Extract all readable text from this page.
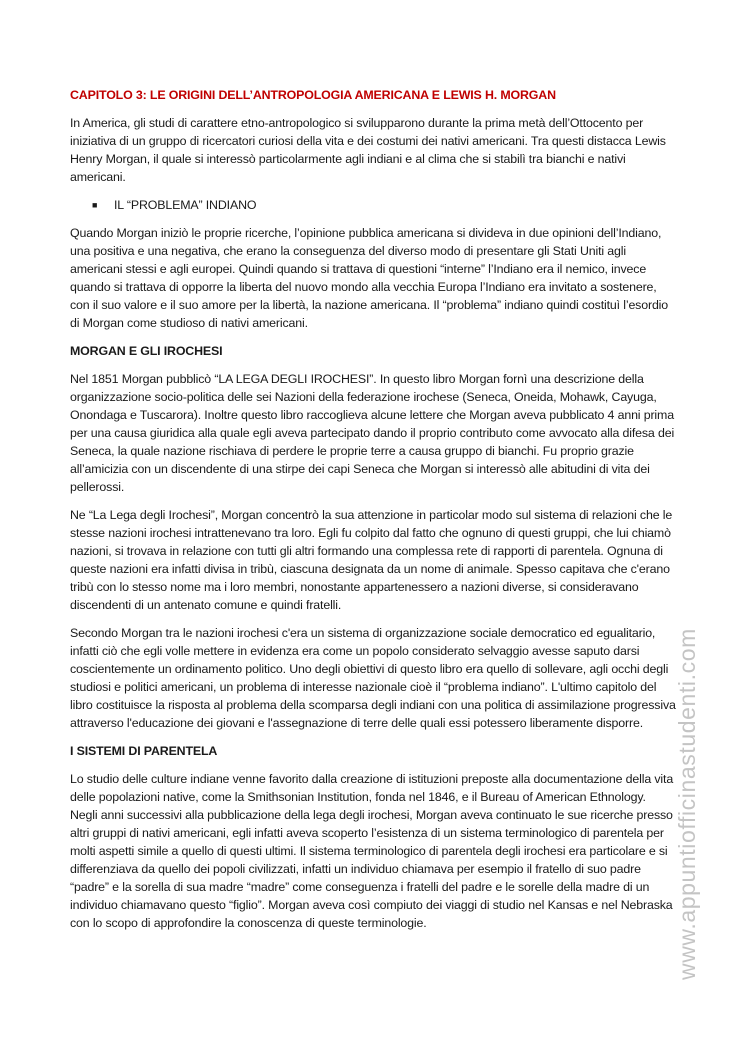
CAPITOLO 3: LE ORIGINI DELL’ANTROPOLOGIA AMERICANA E LEWIS H. MORGAN

In America, gli studi di carattere etno-antropologico si svilupparono durante la prima metà dell’Ottocento per iniziativa di un gruppo di ricercatori curiosi della vita e dei costumi dei nativi americani. Tra questi distacca Lewis Henry Morgan, il quale si interessò particolarmente agli indiani e al clima che si stabilì tra bianchi e nativi americani.

■	IL “PROBLEMA” INDIANO

Quando Morgan iniziò le proprie ricerche, l’opinione pubblica americana si divideva in due opinioni dell’Indiano, una positiva e una negativa, che erano la conseguenza del diverso modo di presentare gli Stati Uniti agli americani stessi e agli europei. Quindi quando si trattava di questioni “interne” l’Indiano era il nemico, invece quando si trattava di opporre la liberta del nuovo mondo alla vecchia Europa l’Indiano era invitato a sostenere, con il suo valore e il suo amore per la libertà, la nazione americana. Il “problema” indiano quindi costituì l’esordio di Morgan come studioso di nativi americani.

MORGAN E GLI IROCHESI

Nel 1851 Morgan pubblicò “LA LEGA DEGLI IROCHESI”. In questo libro Morgan fornì una descrizione della organizzazione socio-politica delle sei Nazioni della federazione irochese (Seneca, Oneida, Mohawk, Cayuga, Onondaga e Tuscarora). Inoltre questo libro raccoglieva alcune lettere che Morgan aveva pubblicato 4 anni prima per una causa giuridica alla quale egli aveva partecipato dando il proprio contributo come avvocato alla difesa dei Seneca, la quale nazione rischiava di perdere le proprie terre a causa gruppo di bianchi. Fu proprio grazie all’amicizia con un discendente di una stirpe dei capi Seneca che Morgan si interessò alle abitudini di vita dei pellerossi.

Ne “La Lega degli Irochesi”, Morgan concentrò la sua attenzione in particolar modo sul sistema di relazioni che le stesse nazioni irochesi intrattenevano tra loro. Egli fu colpito dal fatto che ognuno di questi gruppi, che lui chiamò nazioni, si trovava in relazione con tutti gli altri formando una complessa rete di rapporti di parentela. Ognuna di queste nazioni era infatti divisa in tribù, ciascuna designata da un nome di animale. Spesso capitava che c'erano tribù con lo stesso nome ma i loro membri, nonostante appartenessero a nazioni diverse, si consideravano discendenti di un antenato comune e quindi fratelli.

Secondo Morgan tra le nazioni irochesi c'era un sistema di organizzazione sociale democratico ed egualitario, infatti ciò che egli volle mettere in evidenza era come un popolo considerato selvaggio avesse saputo darsi coscientemente un ordinamento politico. Uno degli obiettivi di questo libro era quello di sollevare, agli occhi degli studiosi e politici americani, un problema di interesse nazionale cioè il “problema indiano”. L'ultimo capitolo del libro costituisce la risposta al problema della scomparsa degli indiani con una politica di assimilazione progressiva attraverso l'educazione dei giovani e l'assegnazione di terre delle quali essi potessero liberamente disporre.

I SISTEMI DI PARENTELA

Lo studio delle culture indiane venne favorito dalla creazione di istituzioni preposte alla documentazione della vita delle popolazioni native, come la Smithsonian Institution, fonda nel 1846, e il Bureau of American Ethnology. Negli anni successivi alla pubblicazione della lega degli irochesi, Morgan aveva continuato le sue ricerche presso altri gruppi di nativi americani, egli infatti aveva scoperto l’esistenza di un sistema terminologico di parentela per molti aspetti simile a quello di questi ultimi. Il sistema terminologico di parentela degli irochesi era particolare e si differenziava da quello dei popoli civilizzati, infatti un individuo chiamava per esempio il fratello di suo padre “padre” e la sorella di sua madre “madre” come conseguenza i fratelli del padre e le sorelle della madre di un individuo chiamavano questo “figlio”. Morgan aveva così compiuto dei viaggi di studio nel Kansas e nel Nebraska con lo scopo di approfondire la conoscenza di queste terminologie.	www.appuntiofficinastudenti.com
